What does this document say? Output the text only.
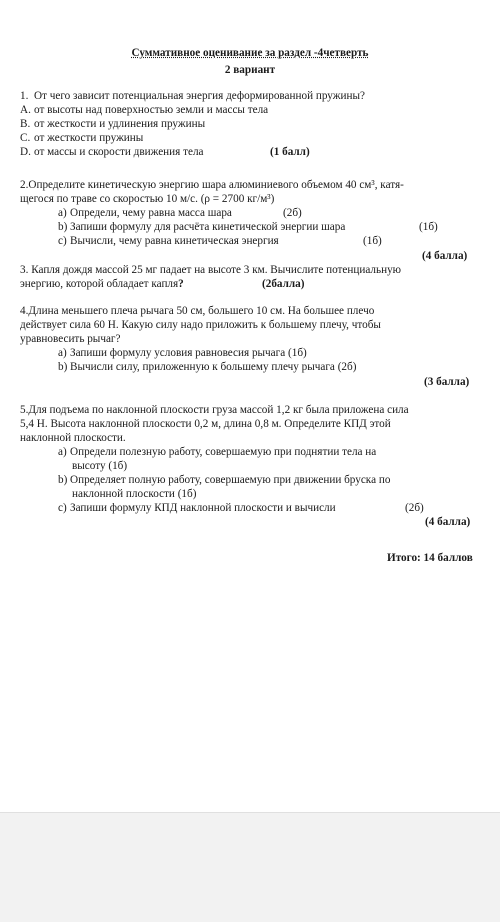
Суммативное оценивание за раздел -4четверть
2 вариант
1. От чего зависит потенциальная энергия деформированной пружины?
A. от высоты над поверхностью земли и массы тела
B. от жесткости и удлинения пружины
C. от жесткости пружины
D. от массы и скорости движения тела	(1 балл)
2.Определите кинетическую энергию шара алюминиевого объемом 40 см³, катя-
щегося по траве со скоростью 10 м/с. (ρ = 2700 кг/м³)
a) Определи, чему равна масса шара	(2б)
b) Запиши формулу для расчёта кинетической энергии шара	(1б)
c) Вычисли, чему равна кинетическая энергия	(1б)
(4 балла)
3. Капля дождя массой 25 мг падает на высоте 3 км. Вычислите потенциальную
энергию, которой обладает капля?	(2балла)
4.Длина меньшего плеча рычага 50 см, большего 10 см. На большее плечо
действует сила 60 Н. Какую силу надо приложить к большему плечу, чтобы
уравновесить рычаг?
a) Запиши формулу условия равновесия рычага (1б)
b) Вычисли силу, приложенную к большему плечу рычага (2б)
(3 балла)
5.Для подъема по наклонной плоскости груза массой 1,2 кг была приложена сила
5,4 Н. Высота наклонной плоскости 0,2 м, длина 0,8 м. Определите КПД этой
наклонной плоскости.
a) Определи полезную работу, совершаемую при поднятии тела на
высоту (1б)
b) Определяет полную работу, совершаемую при движении бруска по
наклонной плоскости (1б)
c) Запиши формулу КПД наклонной плоскости и вычисли	(2б)
(4 балла)
Итого: 14 баллов
